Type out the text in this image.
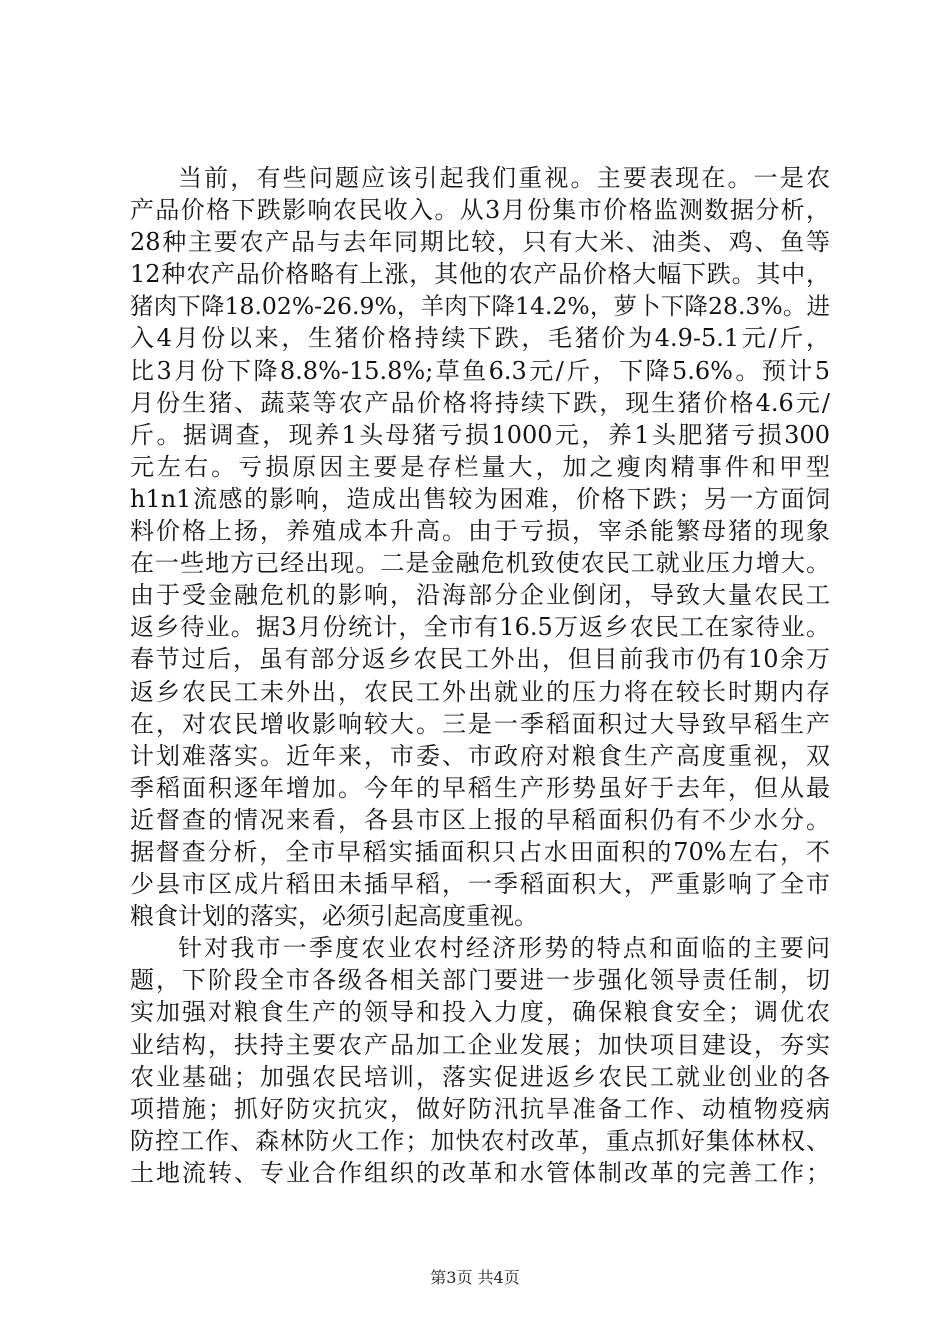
当前，有些问题应该引起我们重视。主要表现在。一是农
产品价格下跌影响农民收入。从3月份集市价格监测数据分析，
28种主要农产品与去年同期比较，只有大米、油类、鸡、鱼等
12种农产品价格略有上涨，其他的农产品价格大幅下跌。其中，
猪肉下降18.02%-26.9%，羊肉下降14.2%，萝卜下降28.3%。进
入4月份以来，生猪价格持续下跌，毛猪价为4.9-5.1元/斤，
比3月份下降8.8%-15.8%;草鱼6.3元/斤，下降5.6%。预计5
月份生猪、蔬菜等农产品价格将持续下跌，现生猪价格4.6元/
斤。据调查，现养1头母猪亏损1000元，养1头肥猪亏损300
元左右。亏损原因主要是存栏量大，加之瘦肉精事件和甲型
h1n1流感的影响，造成出售较为困难，价格下跌；另一方面饲
料价格上扬，养殖成本升高。由于亏损，宰杀能繁母猪的现象
在一些地方已经出现。二是金融危机致使农民工就业压力增大。
由于受金融危机的影响，沿海部分企业倒闭，导致大量农民工
返乡待业。据3月份统计，全市有16.5万返乡农民工在家待业。
春节过后，虽有部分返乡农民工外出，但目前我市仍有10余万
返乡农民工未外出，农民工外出就业的压力将在较长时期内存
在，对农民增收影响较大。三是一季稻面积过大导致早稻生产
计划难落实。近年来，市委、市政府对粮食生产高度重视，双
季稻面积逐年增加。今年的早稻生产形势虽好于去年，但从最
近督查的情况来看，各县市区上报的早稻面积仍有不少水分。
据督查分析，全市早稻实插面积只占水田面积的70%左右，不
少县市区成片稻田未插早稻，一季稻面积大，严重影响了全市
粮食计划的落实，必须引起高度重视。
针对我市一季度农业农村经济形势的特点和面临的主要问
题，下阶段全市各级各相关部门要进一步强化领导责任制，切
实加强对粮食生产的领导和投入力度，确保粮食安全；调优农
业结构，扶持主要农产品加工企业发展；加快项目建设，夯实
农业基础；加强农民培训，落实促进返乡农民工就业创业的各
项措施；抓好防灾抗灾，做好防汛抗旱准备工作、动植物疫病
防控工作、森林防火工作；加快农村改革，重点抓好集体林权、
土地流转、专业合作组织的改革和水管体制改革的完善工作；
第3页 共4页
